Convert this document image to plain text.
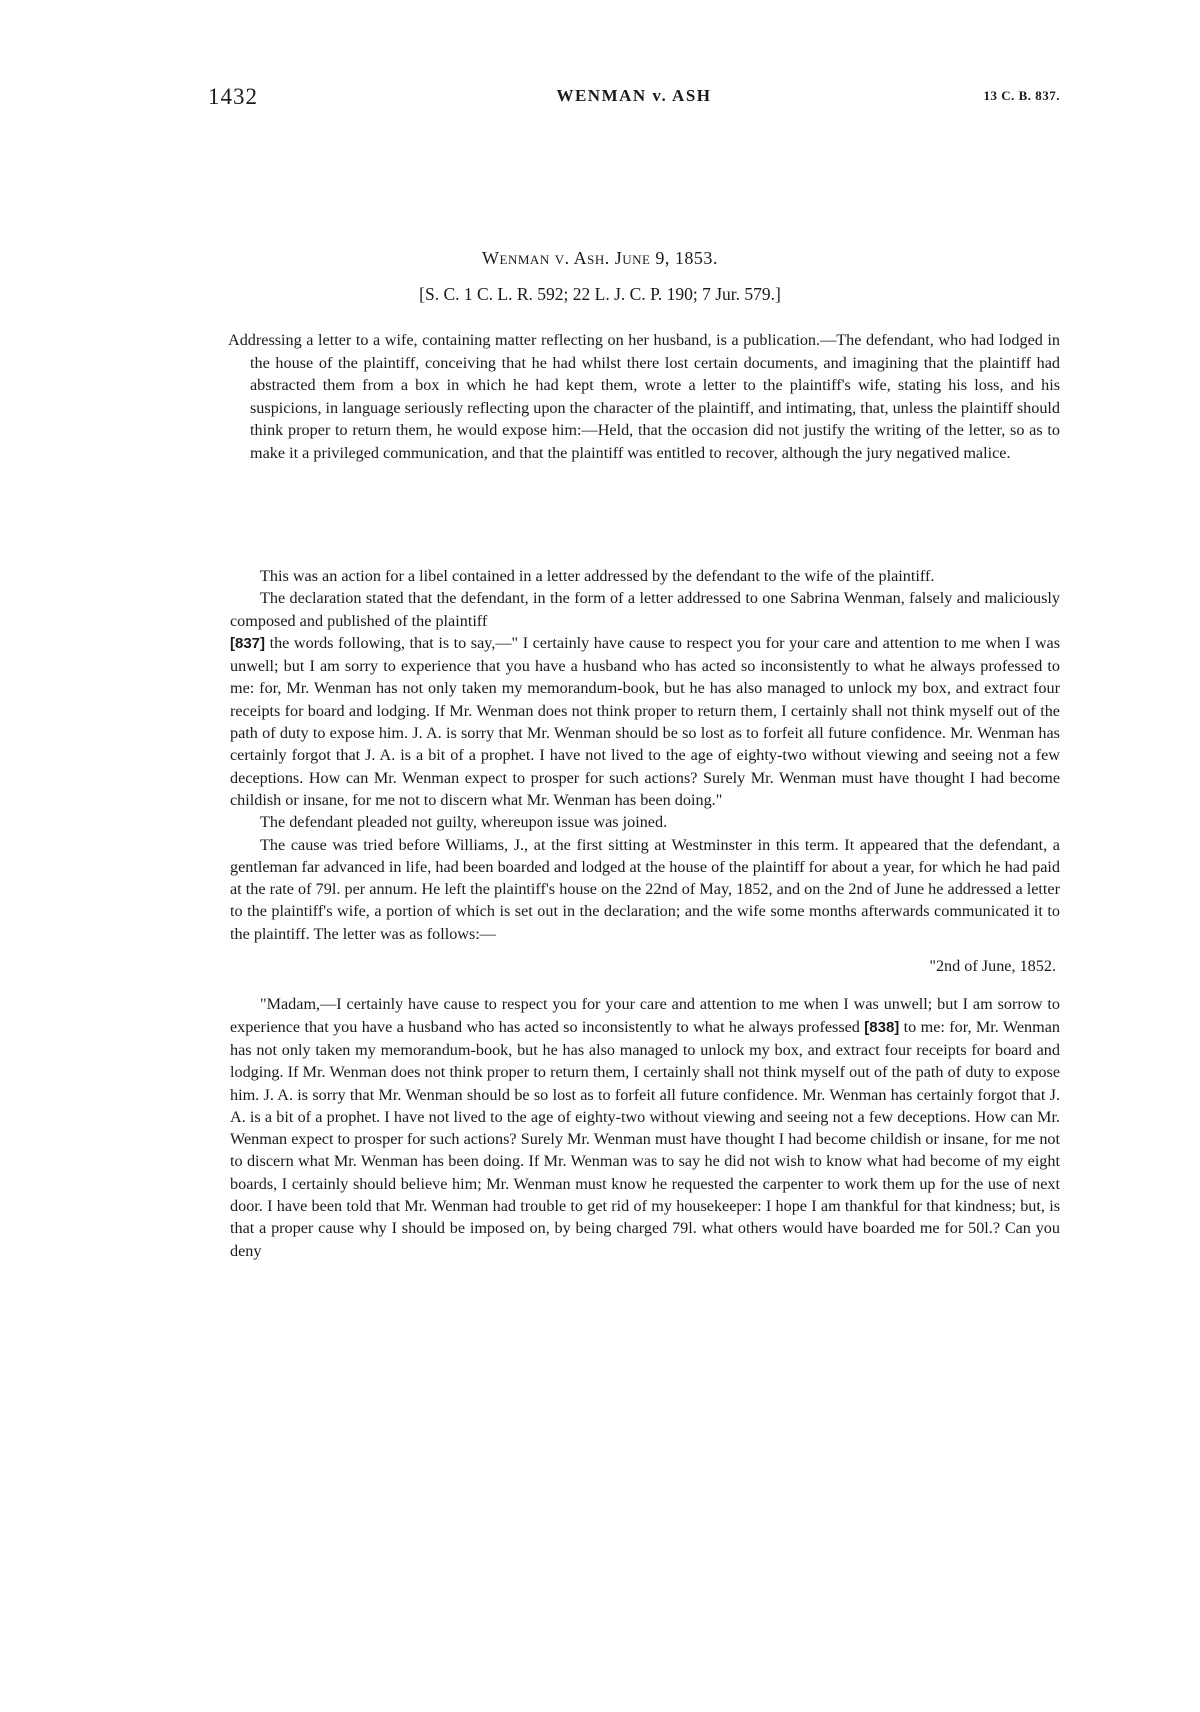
1432	WENMAN v. ASH	13 C. B. 837.
Wenman v. Ash. June 9, 1853.
[S. C. 1 C. L. R. 592; 22 L. J. C. P. 190; 7 Jur. 579.]
Addressing a letter to a wife, containing matter reflecting on her husband, is a publication.—The defendant, who had lodged in the house of the plaintiff, conceiving that he had whilst there lost certain documents, and imagining that the plaintiff had abstracted them from a box in which he had kept them, wrote a letter to the plaintiff's wife, stating his loss, and his suspicions, in language seriously reflecting upon the character of the plaintiff, and intimating, that, unless the plaintiff should think proper to return them, he would expose him:—Held, that the occasion did not justify the writing of the letter, so as to make it a privileged communication, and that the plaintiff was entitled to recover, although the jury negatived malice.

This was an action for a libel contained in a letter addressed by the defendant to the wife of the plaintiff.

The declaration stated that the defendant, in the form of a letter addressed to one Sabrina Wenman, falsely and maliciously composed and published of the plaintiff
[837] the words following, that is to say,—" I certainly have cause to respect you for your care and attention to me when I was unwell; but I am sorry to experience that you have a husband who has acted so inconsistently to what he always professed to me: for, Mr. Wenman has not only taken my memorandum-book, but he has also managed to unlock my box, and extract four receipts for board and lodging. If Mr. Wenman does not think proper to return them, I certainly shall not think myself out of the path of duty to expose him. J. A. is sorry that Mr. Wenman should be so lost as to forfeit all future confidence. Mr. Wenman has certainly forgot that J. A. is a bit of a prophet. I have not lived to the age of eighty-two without viewing and seeing not a few deceptions. How can Mr. Wenman expect to prosper for such actions? Surely Mr. Wenman must have thought I had become childish or insane, for me not to discern what Mr. Wenman has been doing."

The defendant pleaded not guilty, whereupon issue was joined.

The cause was tried before Williams, J., at the first sitting at Westminster in this term. It appeared that the defendant, a gentleman far advanced in life, had been boarded and lodged at the house of the plaintiff for about a year, for which he had paid at the rate of 79l. per annum. He left the plaintiff's house on the 22nd of May, 1852, and on the 2nd of June he addressed a letter to the plaintiff's wife, a portion of which is set out in the declaration; and the wife some months afterwards communicated it to the plaintiff. The letter was as follows:—

"2nd of June, 1852.

"Madam,—I certainly have cause to respect you for your care and attention to me when I was unwell; but I am sorrow to experience that you have a husband who has acted so inconsistently to what he always professed [838] to me: for, Mr. Wenman has not only taken my memorandum-book, but he has also managed to unlock my box, and extract four receipts for board and lodging. If Mr. Wenman does not think proper to return them, I certainly shall not think myself out of the path of duty to expose him. J. A. is sorry that Mr. Wenman should be so lost as to forfeit all future confidence. Mr. Wenman has certainly forgot that J. A. is a bit of a prophet. I have not lived to the age of eighty-two without viewing and seeing not a few deceptions. How can Mr. Wenman expect to prosper for such actions? Surely Mr. Wenman must have thought I had become childish or insane, for me not to discern what Mr. Wenman has been doing. If Mr. Wenman was to say he did not wish to know what had become of my eight boards, I certainly should believe him; Mr. Wenman must know he requested the carpenter to work them up for the use of next door. I have been told that Mr. Wenman had trouble to get rid of my housekeeper: I hope I am thankful for that kindness; but, is that a proper cause why I should be imposed on, by being charged 79l. what others would have boarded me for 50l.? Can you deny
